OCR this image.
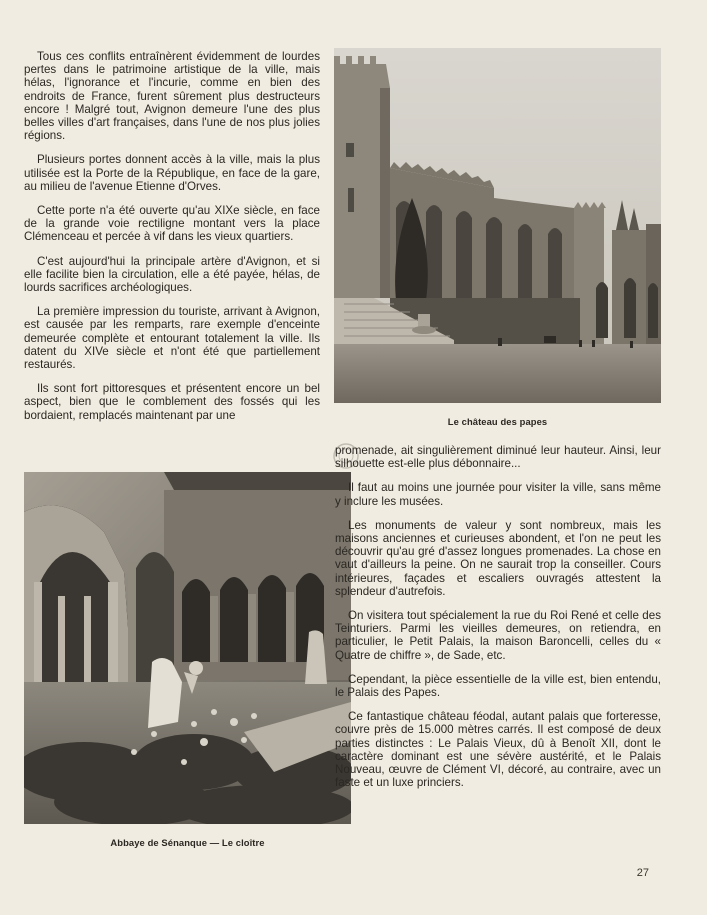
Tous ces conflits entraînèrent évidemment de lourdes pertes dans le patrimoine artistique de la ville, mais hélas, l'ignorance et l'incurie, comme en bien des endroits de France, furent sûrement plus destructeurs encore ! Malgré tout, Avignon demeure l'une des plus belles villes d'art françaises, dans l'une de nos plus jolies régions.

Plusieurs portes donnent accès à la ville, mais la plus utilisée est la Porte de la République, en face de la gare, au milieu de l'avenue Etienne d'Orves.

Cette porte n'a été ouverte qu'au XIXe siècle, en face de la grande voie rectiligne montant vers la place Clémenceau et percée à vif dans les vieux quartiers.

C'est aujourd'hui la principale artère d'Avignon, et si elle facilite bien la circulation, elle a été payée, hélas, de lourds sacrifices archéologiques.

La première impression du touriste, arrivant à Avignon, est causée par les remparts, rare exemple d'enceinte demeurée complète et entourant totalement la ville. Ils datent du XIVe siècle et n'ont été que partiellement restaurés.

Ils sont fort pittoresques et présentent encore un bel aspect, bien que le comblement des fossés qui les bordaient, remplacés maintenant par une	Le château des papes
Abbaye de Sénanque — Le cloître

promenade, ait singulièrement diminué leur hauteur. Ainsi, leur silhouette est-elle plus débonnaire...

Il faut au moins une journée pour visiter la ville, sans même y inclure les musées.

Les monuments de valeur y sont nombreux, mais les maisons anciennes et curieuses abondent, et l'on ne peut les découvrir qu'au gré d'assez longues promenades. La chose en vaut d'ailleurs la peine. On ne saurait trop la conseiller. Cours intérieures, façades et escaliers ouvragés attestent la splendeur d'autrefois.

On visitera tout spécialement la rue du Roi René et celle des Teinturiers. Parmi les vieilles demeures, on retiendra, en particulier, le Petit Palais, la maison Baroncelli, celles du « Quatre de chiffre », de Sade, etc.

Cependant, la pièce essentielle de la ville est, bien entendu, le Palais des Papes.

Ce fantastique château féodal, autant palais que forteresse, couvre près de 15.000 mètres carrés. Il est composé de deux parties distinctes : Le Palais Vieux, dû à Benoît XII, dont le caractère dominant est une sévère austérité, et le Palais Nouveau, œuvre de Clément VI, décoré, au contraire, avec un faste et un luxe princiers.

27
